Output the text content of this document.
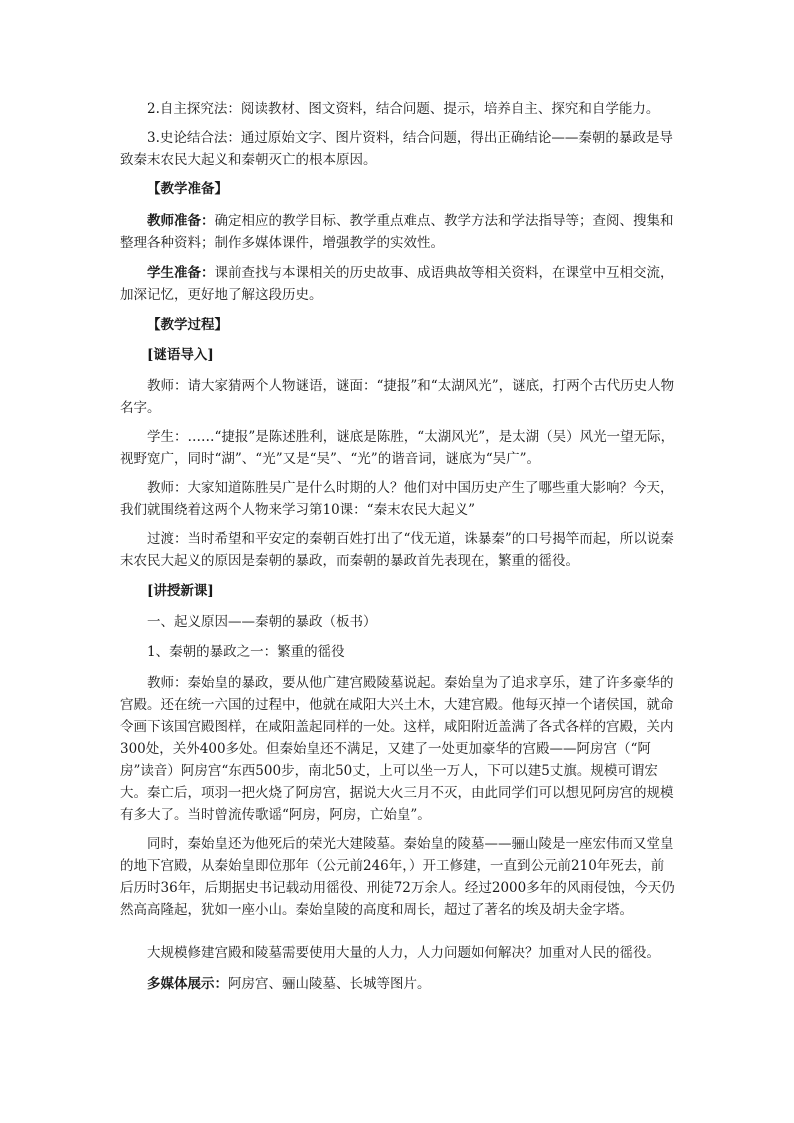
2.自主探究法：阅读教材、图文资料，结合问题、提示，培养自主、探究和自学能力。

3.史论结合法：通过原始文字、图片资料，结合问题，得出正确结论——秦朝的暴政是导致秦末农民大起义和秦朝灭亡的根本原因。

【教学准备】

教师准备：确定相应的教学目标、教学重点难点、教学方法和学法指导等；查阅、搜集和整理各种资料；制作多媒体课件，增强教学的实效性。

学生准备：课前查找与本课相关的历史故事、成语典故等相关资料，在课堂中互相交流，加深记忆，更好地了解这段历史。

【教学过程】

[谜语导入]

教师：请大家猜两个人物谜语，谜面：“捷报”和“太湖风光”，谜底，打两个古代历史人物名字。

学生：……“捷报”是陈述胜利，谜底是陈胜，“太湖风光”，是太湖（吴）风光一望无际，视野宽广，同时“湖”、“光”又是“吴”、“光”的谐音词，谜底为“吴广”。

教师：大家知道陈胜吴广是什么时期的人？他们对中国历史产生了哪些重大影响？今天，我们就围绕着这两个人物来学习第10课：“秦末农民大起义”

过渡：当时希望和平安定的秦朝百姓打出了“伐无道，诛暴秦”的口号揭竿而起，所以说秦末农民大起义的原因是秦朝的暴政，而秦朝的暴政首先表现在，繁重的徭役。

[讲授新课]

一、起义原因——秦朝的暴政（板书）

1、秦朝的暴政之一：繁重的徭役

教师：秦始皇的暴政，要从他广建宫殿陵墓说起。秦始皇为了追求享乐，建了许多豪华的宫殿。还在统一六国的过程中，他就在咸阳大兴土木，大建宫殿。他每灭掉一个诸侯国，就命令画下该国宫殿图样，在咸阳盖起同样的一处。这样，咸阳附近盖满了各式各样的宫殿，关内300处，关外400多处。但秦始皇还不满足，又建了一处更加豪华的宫殿——阿房宫（“阿房”读音）阿房宫“东西500步，南北50丈，上可以坐一万人，下可以建5丈旗。规模可谓宏大。秦亡后，项羽一把火烧了阿房宫，据说大火三月不灭，由此同学们可以想见阿房宫的规模有多大了。当时曾流传歌谣“阿房，阿房，亡始皇”。

同时，秦始皇还为他死后的荣光大建陵墓。秦始皇的陵墓——骊山陵是一座宏伟而又堂皇的地下宫殿，从秦始皇即位那年（公元前246年，）开工修建，一直到公元前210年死去，前后历时36年，后期据史书记载动用徭役、刑徒72万余人。经过2000多年的风雨侵蚀，今天仍然高高隆起，犹如一座小山。秦始皇陵的高度和周长，超过了著名的埃及胡夫金字塔。

大规模修建宫殿和陵墓需要使用大量的人力，人力问题如何解决？加重对人民的徭役。

多媒体展示：阿房宫、骊山陵墓、长城等图片。
